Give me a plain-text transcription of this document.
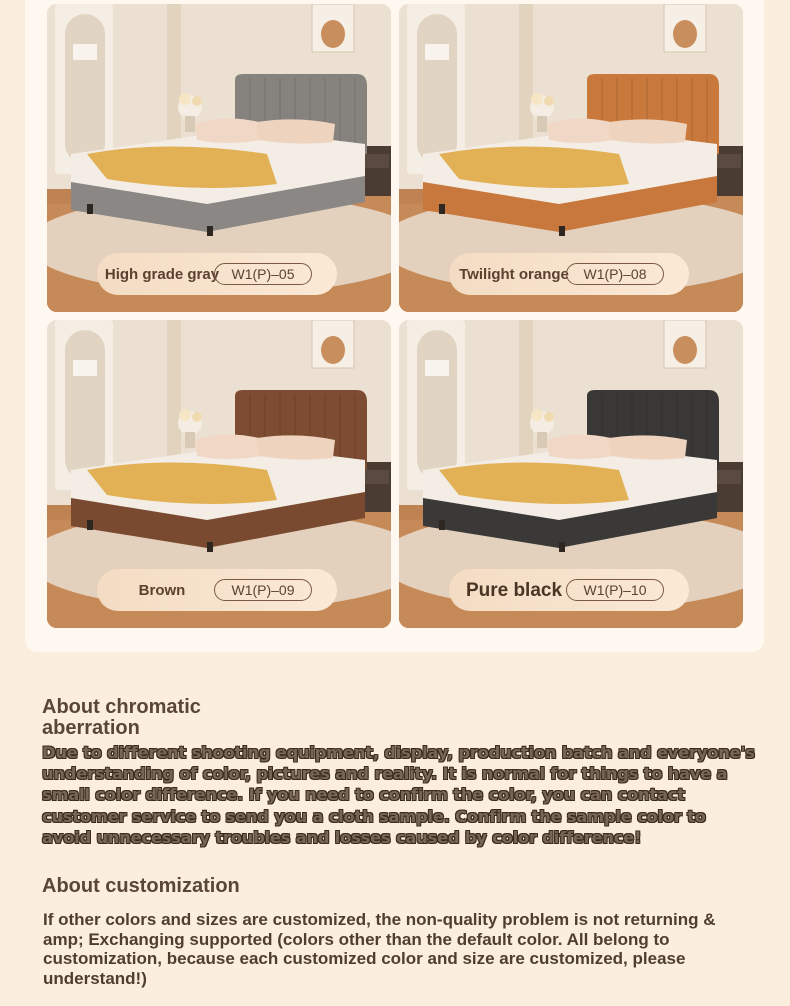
High grade gray W1(P)–05	Twilight orange	W1(P)–08
Brown	W1(P)–09	Pure black	W1(P)–10
About chromatic aberration
Due to different shooting equipment, display, production batch and everyone's understanding of color, pictures and reality. It is normal for things to have a small color difference. If you need to confirm the color, you can contact customer service to send you a cloth sample. Confirm the sample color to avoid unnecessary troubles and losses caused by color difference!
About customization
If other colors and sizes are customized, the non-quality problem is not returning & amp; Exchanging supported (colors other than the default color. All belong to customization, because each customized color and size are customized, please understand!)
